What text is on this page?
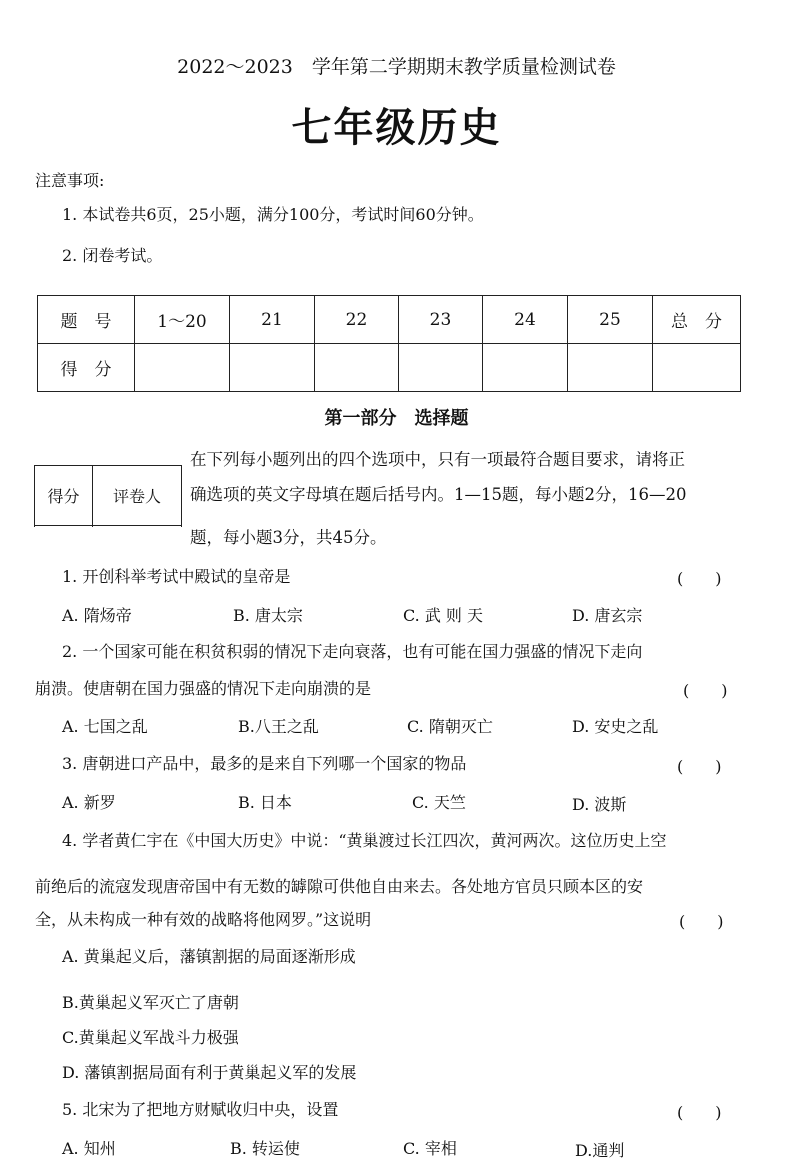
2022～2023　学年第二学期期末教学质量检测试卷
七年级历史
注意事项:
1. 本试卷共6页，25小题，满分100分，考试时间60分钟。
2. 闭卷考试。
题　号	1～20	21	22	23	24	25	总　分
得　分							
第一部分　选择题
得分	评卷人

在下列每小题列出的四个选项中，只有一项最符合题目要求，请将正
确选项的英文字母填在题后括号内。1—15题，每小题2分，16—20
题，每小题3分，共45分。
1. 开创科举考试中殿试的皇帝是	(　　)
A. 隋炀帝	B. 唐太宗	C. 武 则 天	D. 唐玄宗
2. 一个国家可能在积贫积弱的情况下走向衰落，也有可能在国力强盛的情况下走向
崩溃。使唐朝在国力强盛的情况下走向崩溃的是	(　　)
A. 七国之乱	B.八王之乱	C. 隋朝灭亡	D. 安史之乱
3. 唐朝进口产品中，最多的是来自下列哪一个国家的物品	(　　)
A. 新罗	B. 日本	C. 天竺	D. 波斯
4. 学者黄仁宇在《中国大历史》中说：“黄巢渡过长江四次，黄河两次。这位历史上空
前绝后的流寇发现唐帝国中有无数的罅隙可供他自由来去。各处地方官员只顾本区的安
全，从未构成一种有效的战略将他网罗。”这说明	(　　)
A. 黄巢起义后，藩镇割据的局面逐渐形成
B.黄巢起义军灭亡了唐朝
C.黄巢起义军战斗力极强
D. 藩镇割据局面有利于黄巢起义军的发展
5. 北宋为了把地方财赋收归中央，设置	(　　)
A. 知州	B. 转运使	C. 宰相	D.通判
